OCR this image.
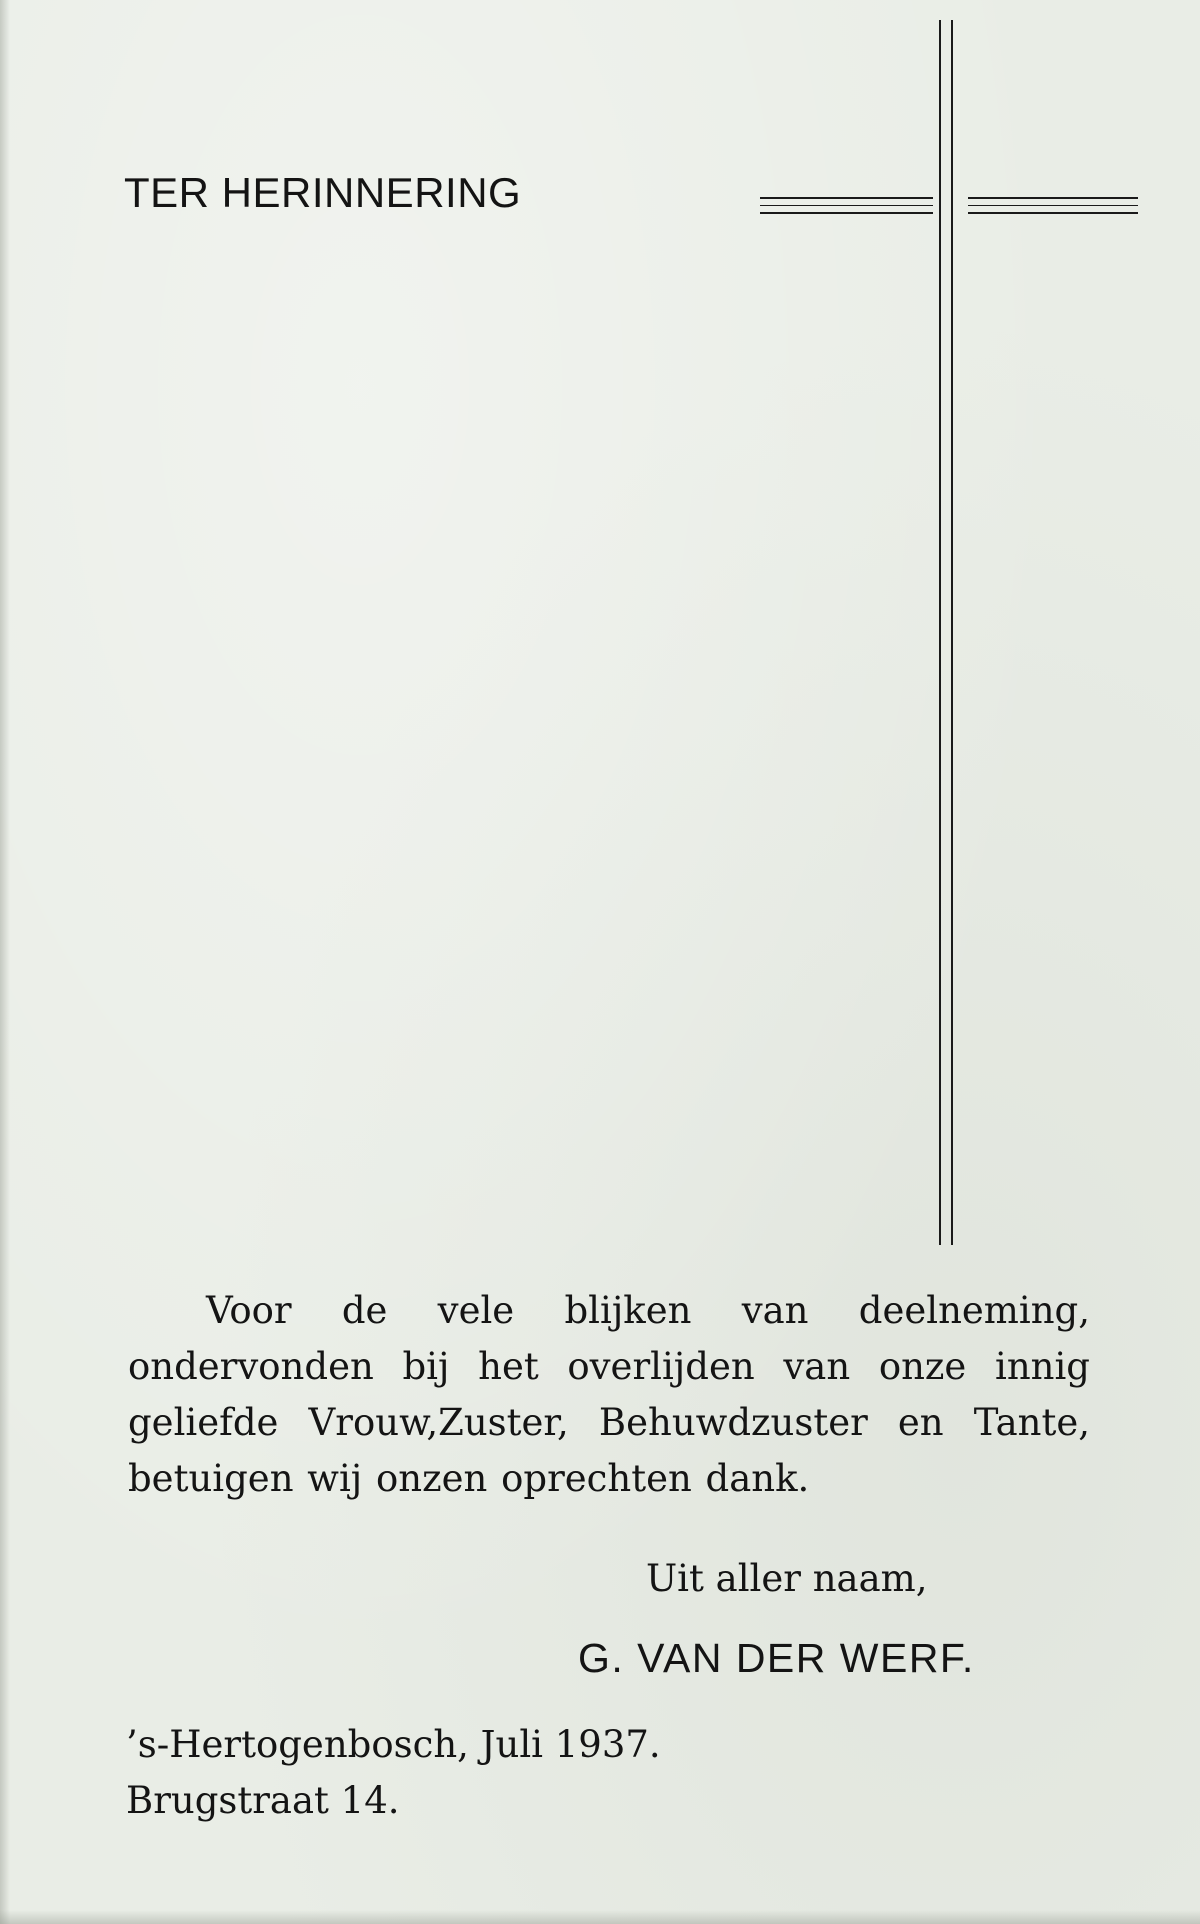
TER HERINNERING

Voor de vele blijken van deelneming, ondervonden bij het overlijden van onze innig geliefde Vrouw,Zuster, Behuwdzuster en Tante, betuigen wij onzen oprechten dank.

Uit aller naam,
G. VAN DER WERF.
’s-Hertogenbosch, Juli 1937.
Brugstraat 14.
